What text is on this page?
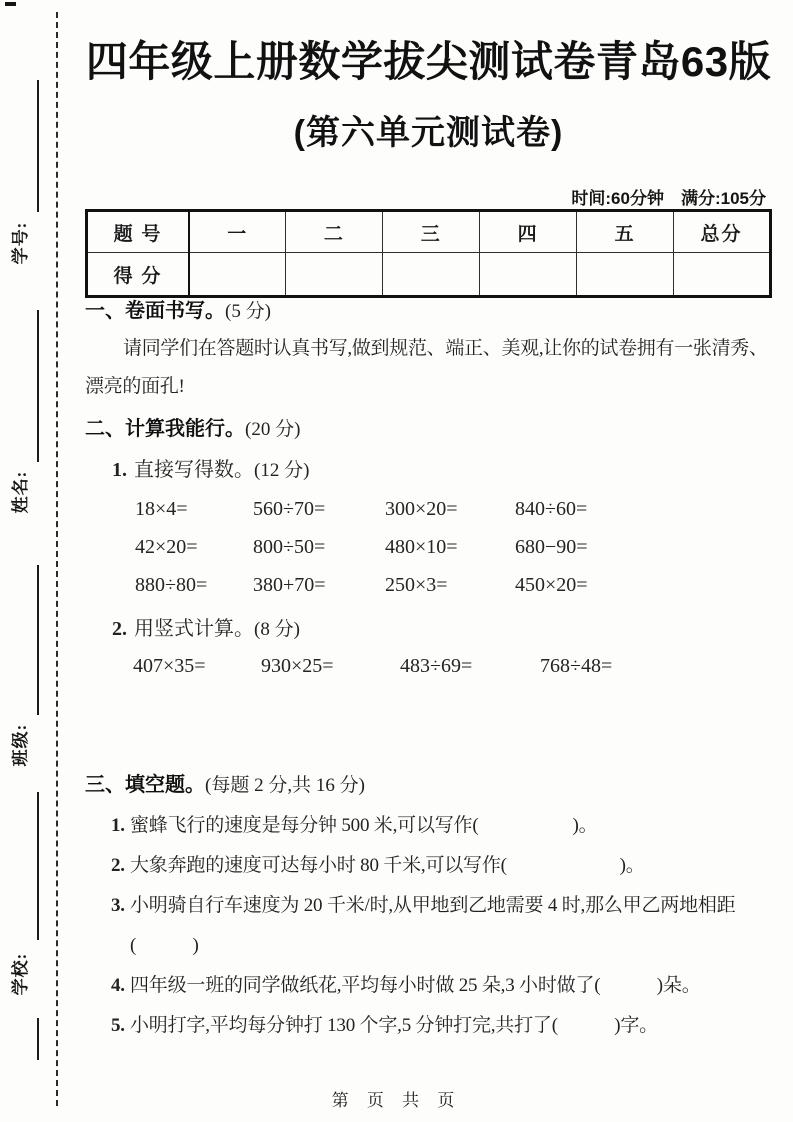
学号:
姓名:
班级:
学校:
四年级上册数学拔尖测试卷青岛63版
(第六单元测试卷)
时间:60分钟　满分:105分
题 号	一	二	三	四	五	总分
得 分						
一、卷面书写。(5 分)

请同学们在答题时认真书写,做到规范、端正、美观,让你的试卷拥有一张清秀、漂亮的面孔!

二、计算我能行。(20 分)
1. 直接写得数。(12 分)
18×4=	560÷70=	300×20=	840÷60=
42×20=	800÷50=	480×10=	680−90=
880÷80=	380+70=	250×3=	450×20=
2. 用竖式计算。(8 分)
407×35=	930×25=	483÷69=	768÷48=
三、填空题。(每题 2 分,共 16 分)
1. 蜜蜂飞行的速度是每分钟 500 米,可以写作(　　　　　)。
2. 大象奔跑的速度可达每小时 80 千米,可以写作(　　　　　　)。
3. 小明骑自行车速度为 20 千米/时,从甲地到乙地需要 4 时,那么甲乙两地相距(　　　)
4. 四年级一班的同学做纸花,平均每小时做 25 朵,3 小时做了(　　　)朵。
5. 小明打字,平均每分钟打 130 个字,5 分钟打完,共打了(　　　)字。
第 页 共 页
